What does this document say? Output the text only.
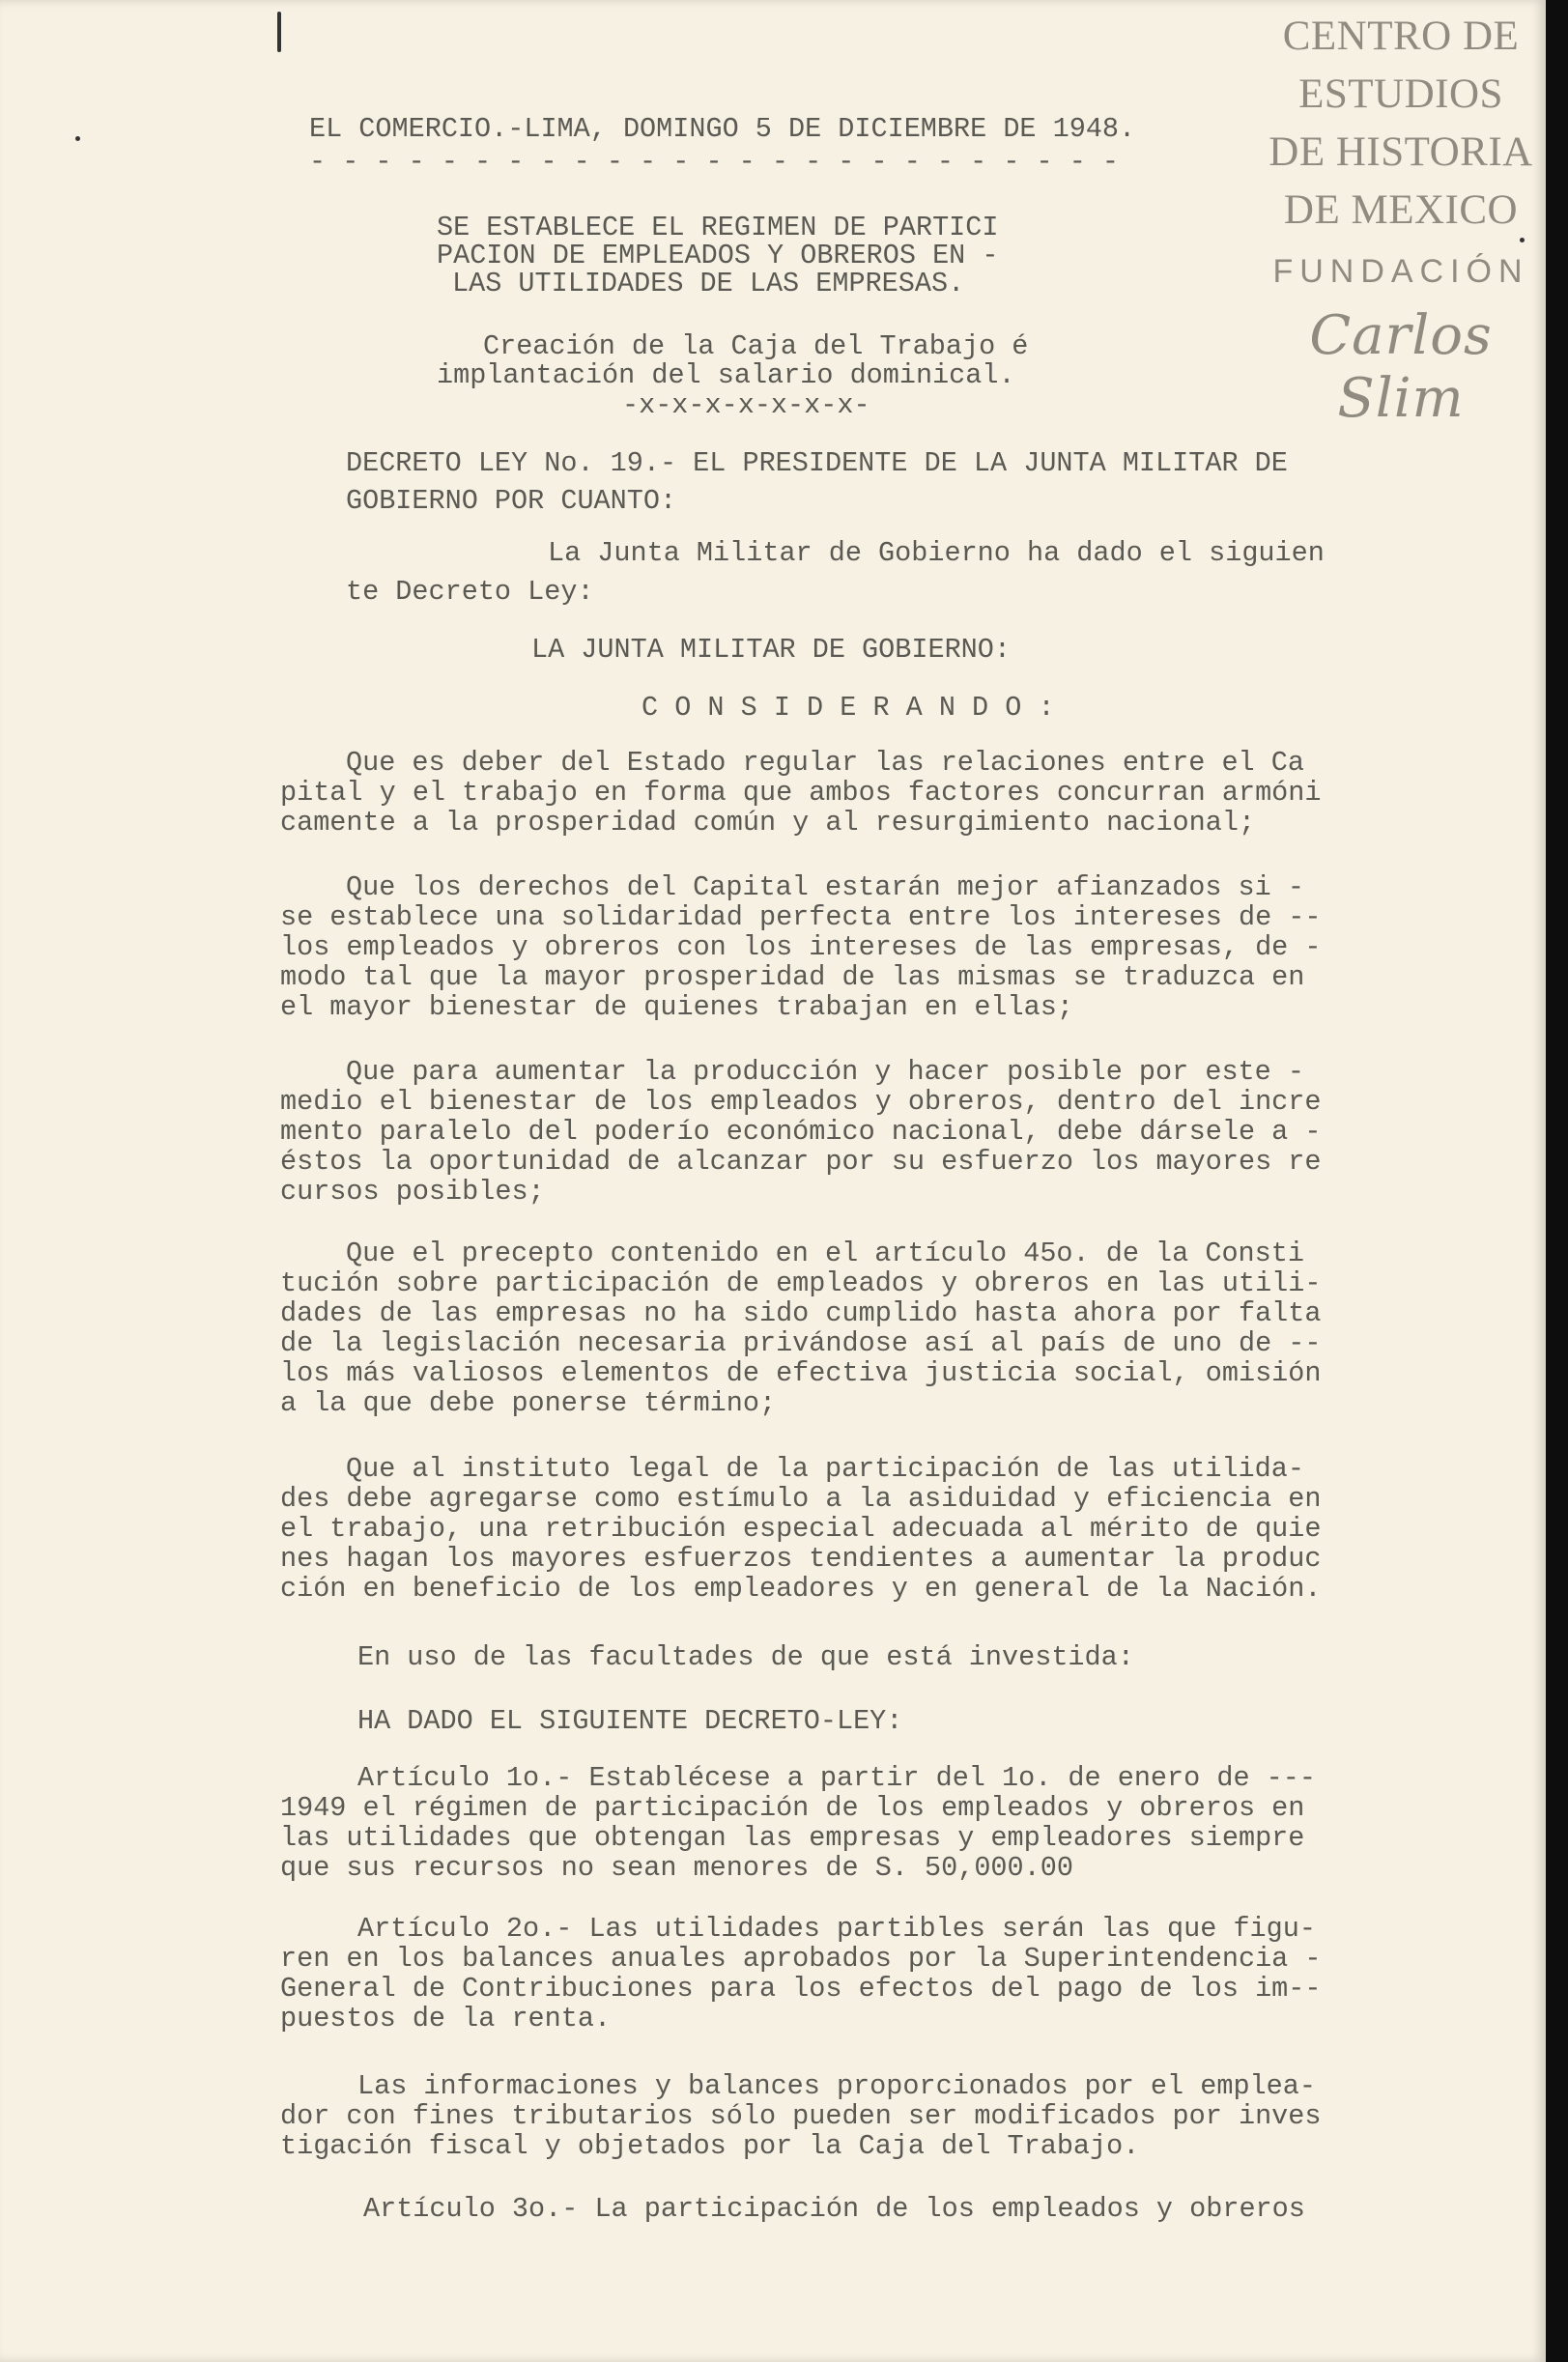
CENTRO DE
ESTUDIOS
DE HISTORIA
DE MEXICO
FUNDACIÓN
Carlos Slim

EL COMERCIO.-LIMA, DOMINGO 5 DE DICIEMBRE DE 1948.

- - - - - - - - - - - - - - - - - - - - - - - - -

SE ESTABLECE EL REGIMEN DE PARTICI

PACION DE EMPLEADOS Y OBREROS EN -

LAS UTILIDADES DE LAS EMPRESAS.

Creación de la Caja del Trabajo é

implantación del salario dominical.

-x-x-x-x-x-x-x-

DECRETO LEY No. 19.- EL PRESIDENTE DE LA JUNTA MILITAR DE

GOBIERNO POR CUANTO:

La Junta Militar de Gobierno ha dado el siguien

te Decreto Ley:

LA JUNTA MILITAR DE GOBIERNO:

C O N S I D E R A N D O :

Que es deber del Estado regular las relaciones entre el Ca

pital y el trabajo en forma que ambos factores concurran armóni

camente a la prosperidad común y al resurgimiento nacional;

Que los derechos del Capital estarán mejor afianzados si -

se establece una solidaridad perfecta entre los intereses de --

los empleados y obreros con los intereses de las empresas, de -

modo tal que la mayor prosperidad de las mismas se traduzca en

el mayor bienestar de quienes trabajan en ellas;

Que para aumentar la producción y hacer posible por este -

medio el bienestar de los empleados y obreros, dentro del incre

mento paralelo del poderío económico nacional, debe dársele a -

éstos la oportunidad de alcanzar por su esfuerzo los mayores re

cursos posibles;

Que el precepto contenido en el artículo 45o. de la Consti

tución sobre participación de empleados y obreros en las utili-

dades de las empresas no ha sido cumplido hasta ahora por falta

de la legislación necesaria privándose así al país de uno de --

los más valiosos elementos de efectiva justicia social, omisión

a la que debe ponerse término;

Que al instituto legal de la participación de las utilida-

des debe agregarse como estímulo a la asiduidad y eficiencia en

el trabajo, una retribución especial adecuada al mérito de quie

nes hagan los mayores esfuerzos tendientes a aumentar la produc

ción en beneficio de los empleadores y en general de la Nación.

En uso de las facultades de que está investida:

HA DADO EL SIGUIENTE DECRETO-LEY:

Artículo 1o.- Establécese a partir del 1o. de enero de ---

1949 el régimen de participación de los empleados y obreros en

las utilidades que obtengan las empresas y empleadores siempre

que sus recursos no sean menores de S. 50,000.00

Artículo 2o.- Las utilidades partibles serán las que figu-

ren en los balances anuales aprobados por la Superintendencia -

General de Contribuciones para los efectos del pago de los im--

puestos de la renta.

Las informaciones y balances proporcionados por el emplea-

dor con fines tributarios sólo pueden ser modificados por inves

tigación fiscal y objetados por la Caja del Trabajo.

Artículo 3o.- La participación de los empleados y obreros
